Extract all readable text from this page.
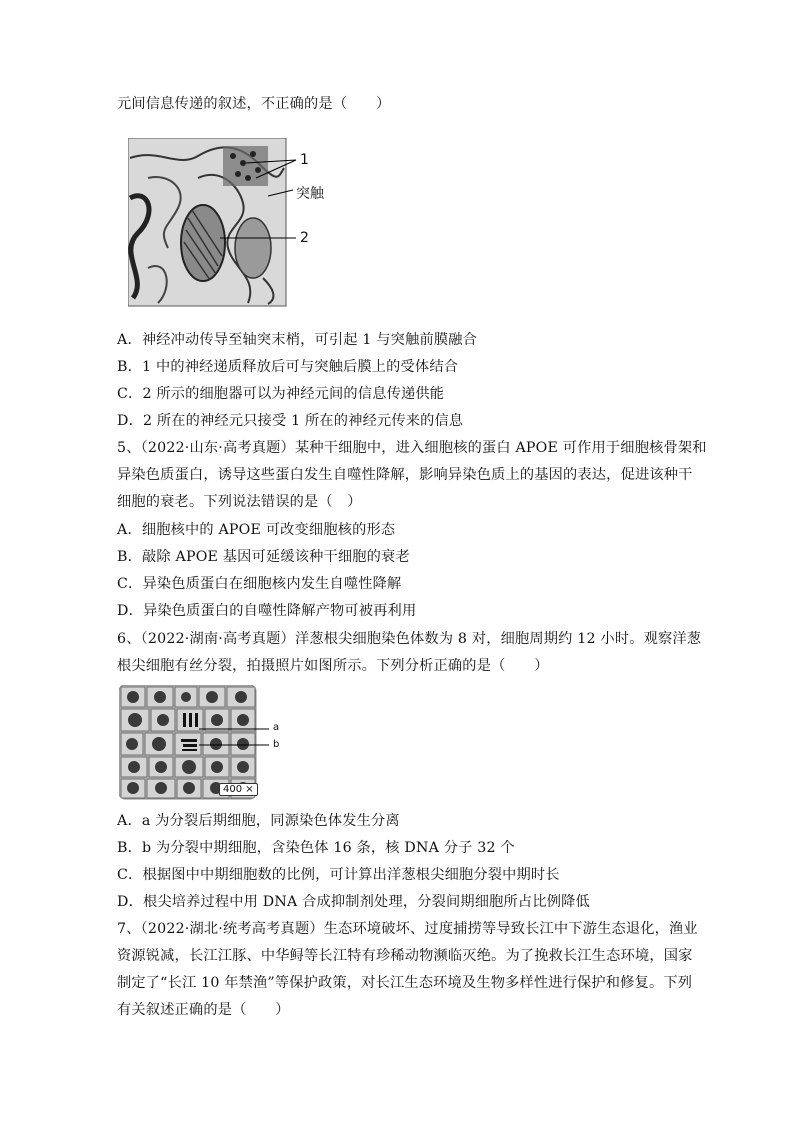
元间信息传递的叙述，不正确的是（　　）
1
突触
2
A．神经冲动传导至轴突末梢，可引起 1 与突触前膜融合
B．1 中的神经递质释放后可与突触后膜上的受体结合
C．2 所示的细胞器可以为神经元间的信息传递供能
D．2 所在的神经元只接受 1 所在的神经元传来的信息
5、（2022·山东·高考真题）某种干细胞中，进入细胞核的蛋白 APOE 可作用于细胞核骨架和
异染色质蛋白，诱导这些蛋白发生自噬性降解，影响异染色质上的基因的表达，促进该种干
细胞的衰老。下列说法错误的是（　）
A．细胞核中的 APOE 可改变细胞核的形态
B．敲除 APOE 基因可延缓该种干细胞的衰老
C．异染色质蛋白在细胞核内发生自噬性降解
D．异染色质蛋白的自噬性降解产物可被再利用
6、（2022·湖南·高考真题）洋葱根尖细胞染色体数为 8 对，细胞周期约 12 小时。观察洋葱
根尖细胞有丝分裂，拍摄照片如图所示。下列分析正确的是（　　）
a
b
400 ×
A．a 为分裂后期细胞，同源染色体发生分离
B．b 为分裂中期细胞，含染色体 16 条，核 DNA 分子 32 个
C．根据图中中期细胞数的比例，可计算出洋葱根尖细胞分裂中期时长
D．根尖培养过程中用 DNA 合成抑制剂处理，分裂间期细胞所占比例降低
7、（2022·湖北·统考高考真题）生态环境破坏、过度捕捞等导致长江中下游生态退化，渔业
资源锐减，长江江豚、中华鲟等长江特有珍稀动物濒临灭绝。为了挽救长江生态环境，国家
制定了“长江 10 年禁渔”等保护政策，对长江生态环境及生物多样性进行保护和修复。下列
有关叙述正确的是（　　）
